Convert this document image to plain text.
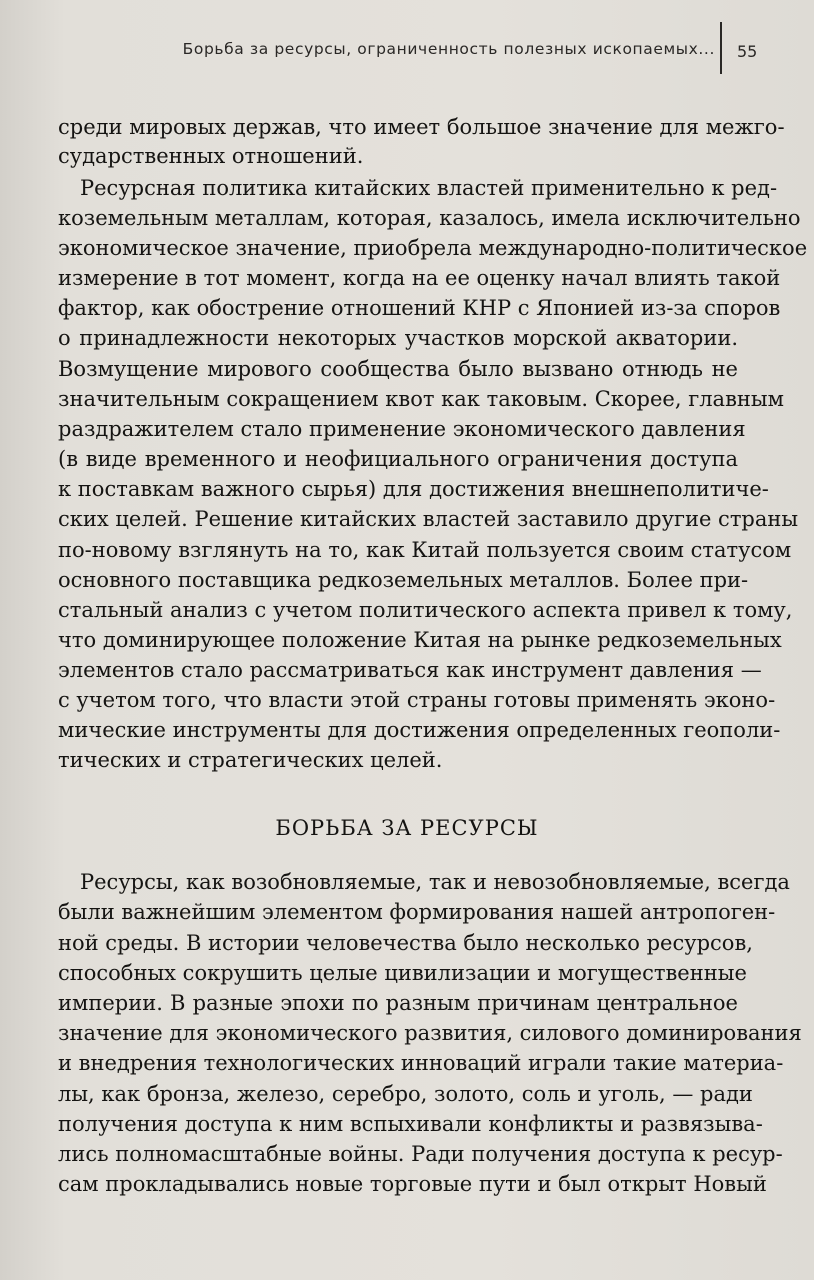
Борьба за ресурсы, ограниченность полезных ископаемых... 55
среди мировых держав, что имеет большое значение для межго-
сударственных отношений.
Ресурсная политика китайских властей применительно к ред-
коземельным металлам, которая, казалось, имела исключительно
экономическое значение, приобрела международно-политическое
измерение в тот момент, когда на ее оценку начал влиять такой
фактор, как обострение отношений КНР с Японией из-за споров
о принадлежности некоторых участков морской акватории.
Возмущение мирового сообщества было вызвано отнюдь не
значительным сокращением квот как таковым. Скорее, главным
раздражителем стало применение экономического давления
(в виде временного и неофициального ограничения доступа
к поставкам важного сырья) для достижения внешнеполитиче-
ских целей. Решение китайских властей заставило другие страны
по-новому взглянуть на то, как Китай пользуется своим статусом
основного поставщика редкоземельных металлов. Более при-
стальный анализ с учетом политического аспекта привел к тому,
что доминирующее положение Китая на рынке редкоземельных
элементов стало рассматриваться как инструмент давления —
с учетом того, что власти этой страны готовы применять эконо-
мические инструменты для достижения определенных геополи-
тических и стратегических целей.
БОРЬБА ЗА РЕСУРСЫ
Ресурсы, как возобновляемые, так и невозобновляемые, всегда
были важнейшим элементом формирования нашей антропоген-
ной среды. В истории человечества было несколько ресурсов,
способных сокрушить целые цивилизации и могущественные
империи. В разные эпохи по разным причинам центральное
значение для экономического развития, силового доминирования
и внедрения технологических инноваций играли такие материа-
лы, как бронза, железо, серебро, золото, соль и уголь, — ради
получения доступа к ним вспыхивали конфликты и развязыва-
лись полномасштабные войны. Ради получения доступа к ресур-
сам прокладывались новые торговые пути и был открыт Новый
